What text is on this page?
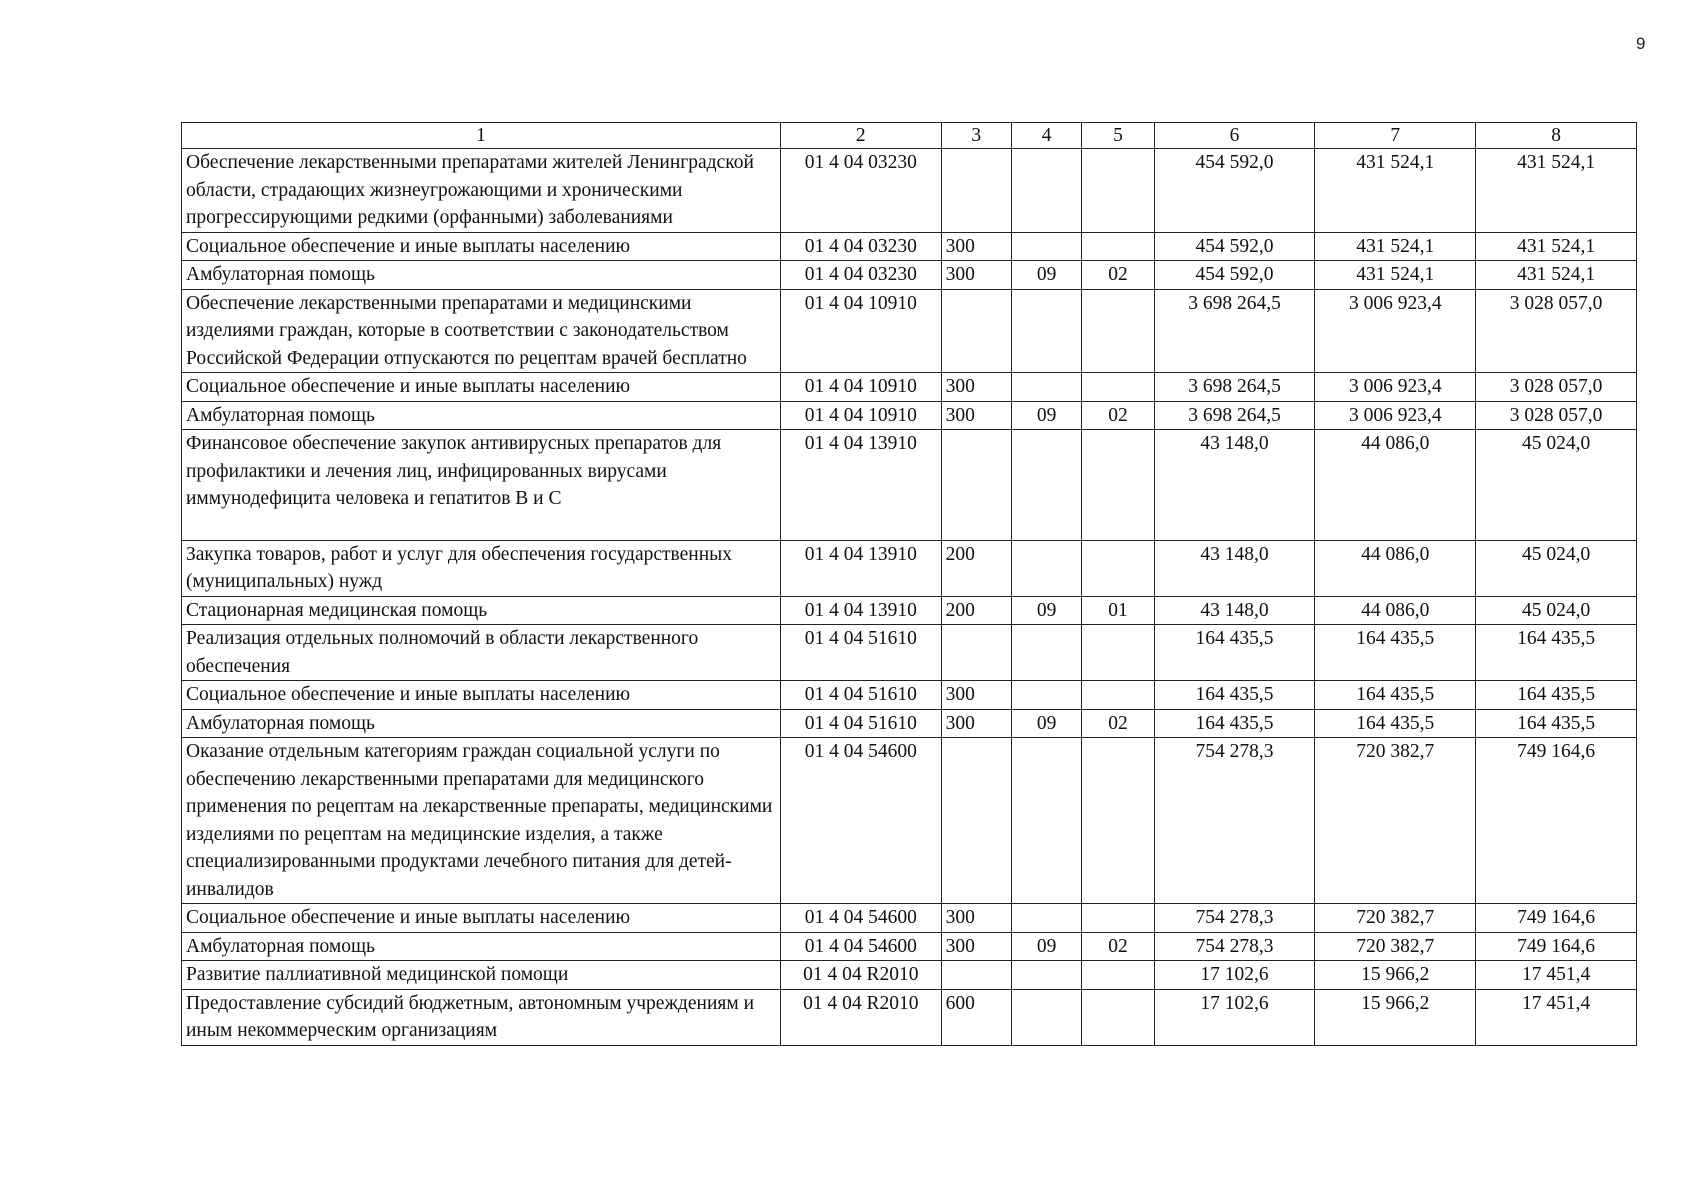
9
1	2	3	4	5	6	7	8
Обеспечение лекарственными препаратами жителей Ленинградской области, страдающих жизнеугрожающими и хроническими прогрессирующими редкими (орфанными) заболеваниями	01 4 04 03230				454 592,0	431 524,1	431 524,1
Социальное обеспечение и иные выплаты населению	01 4 04 03230	300			454 592,0	431 524,1	431 524,1
Амбулаторная помощь	01 4 04 03230	300	09	02	454 592,0	431 524,1	431 524,1
Обеспечение лекарственными препаратами и медицинскими изделиями граждан, которые в соответствии с законодательством Российской Федерации отпускаются по рецептам врачей бесплатно	01 4 04 10910				3 698 264,5	3 006 923,4	3 028 057,0
Социальное обеспечение и иные выплаты населению	01 4 04 10910	300			3 698 264,5	3 006 923,4	3 028 057,0
Амбулаторная помощь	01 4 04 10910	300	09	02	3 698 264,5	3 006 923,4	3 028 057,0
Финансовое обеспечение закупок антивирусных препаратов для профилактики и лечения лиц, инфицированных вирусами иммунодефицита человека и гепатитов В и С	01 4 04 13910				43 148,0	44 086,0	45 024,0
Закупка товаров, работ и услуг для обеспечения государственных (муниципальных) нужд	01 4 04 13910	200			43 148,0	44 086,0	45 024,0
Стационарная медицинская помощь	01 4 04 13910	200	09	01	43 148,0	44 086,0	45 024,0
Реализация отдельных полномочий в области лекарственного обеспечения	01 4 04 51610				164 435,5	164 435,5	164 435,5
Социальное обеспечение и иные выплаты населению	01 4 04 51610	300			164 435,5	164 435,5	164 435,5
Амбулаторная помощь	01 4 04 51610	300	09	02	164 435,5	164 435,5	164 435,5
Оказание отдельным категориям граждан социальной услуги по обеспечению лекарственными препаратами для медицинского применения по рецептам на лекарственные препараты, медицинскими изделиями по рецептам на медицинские изделия, а также специализированными продуктами лечебного питания для детей-инвалидов	01 4 04 54600				754 278,3	720 382,7	749 164,6
Социальное обеспечение и иные выплаты населению	01 4 04 54600	300			754 278,3	720 382,7	749 164,6
Амбулаторная помощь	01 4 04 54600	300	09	02	754 278,3	720 382,7	749 164,6
Развитие паллиативной медицинской помощи	01 4 04 R2010				17 102,6	15 966,2	17 451,4
Предоставление субсидий бюджетным, автономным учреждениям и иным некоммерческим организациям	01 4 04 R2010	600			17 102,6	15 966,2	17 451,4
